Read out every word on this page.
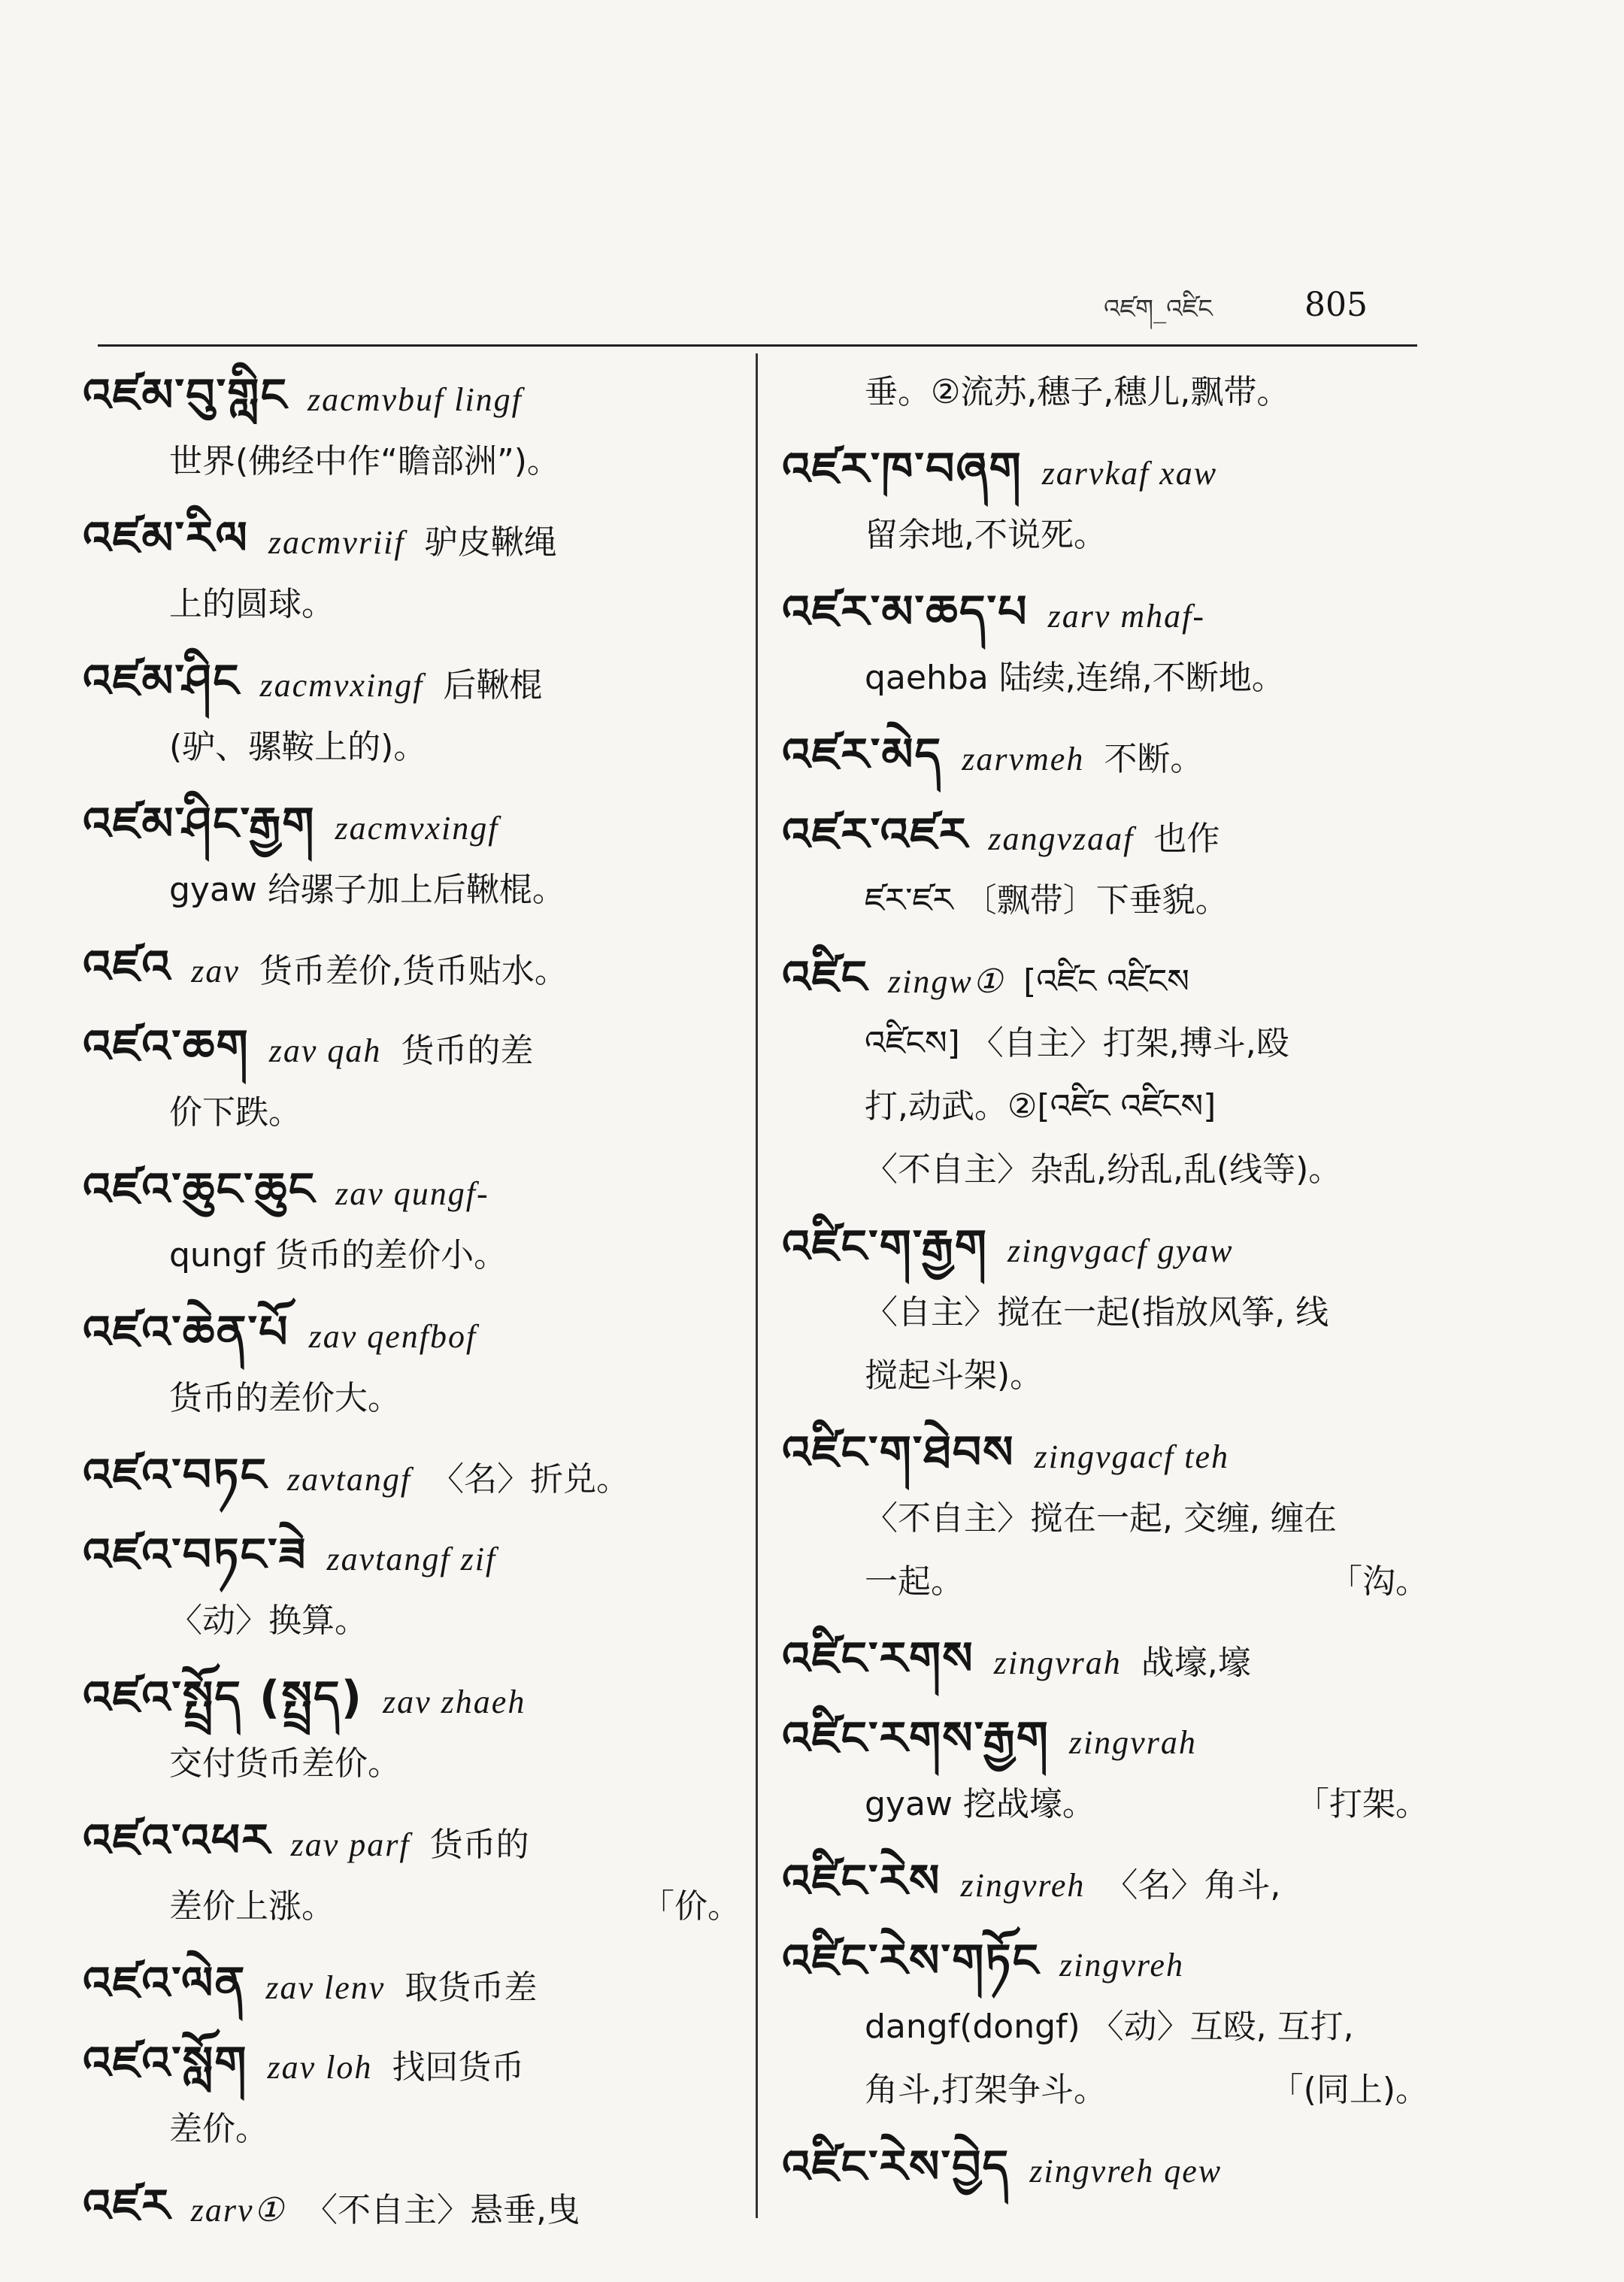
འཛག_འཛིང	805
འཛམ་བུ་གླིང zacmvbuf lingf
世界(佛经中作“瞻部洲”)。
འཛམ་རིལ zacmvriif 驴皮鞦绳
上的圆球。
འཛམ་ཤིང zacmvxingf 后鞦棍
(驴、骡鞍上的)。
འཛམ་ཤིང་རྒྱག zacmvxingf
gyaw 给骡子加上后鞦棍。
འཛའ zav 货币差价,货币贴水。
འཛའ་ཆག zav qah 货币的差
价下跌。
འཛའ་ཆུང་ཆུང zav qungf-
qungf 货币的差价小。
འཛའ་ཆེན་པོ zav qenfbof
货币的差价大。
འཛའ་བཏང zavtangf 〈名〉折兑。
འཛའ་བཏང་ཟེ zavtangf zif
〈动〉换算。
འཛའ་སྤྲོད (སྤྲད) zav zhaeh
交付货币差价。
འཛའ་འཕར zav parf 货币的
差价上涨。	「价。
འཛའ་ལེན zav lenv 取货币差
འཛའ་སློག zav loh 找回货币
差价。
འཛར zarv① 〈不自主〉悬垂,曳
垂。②流苏,穗子,穗儿,飘带。
འཛར་ཁ་བཞག zarvkaf xaw
留余地,不说死。
འཛར་མ་ཆད་པ zarv mhaf-
qaehba 陆续,连绵,不断地。
འཛར་མེད zarvmeh 不断。
འཛར་འཛར zangvzaaf 也作
ཛར་ཛར 〔飘带〕下垂貌。
འཛིང zingw① [འཛིང འཛིངས
འཛིངས] 〈自主〉打架,搏斗,殴
打,动武。②[འཛིང འཛིངས]
〈不自主〉杂乱,纷乱,乱(线等)。
འཛིང་ག་རྒྱག zingvgacf gyaw
〈自主〉搅在一起(指放风筝, 线
搅起斗架)。
འཛིང་ག་ཐེབས zingvgacf teh
〈不自主〉搅在一起, 交缠, 缠在
一起。	「沟。
འཛིང་རགས zingvrah 战壕,壕
འཛིང་རགས་རྒྱག zingvrah
gyaw 挖战壕。	「打架。
འཛིང་རེས zingvreh 〈名〉角斗,
འཛིང་རེས་གཏོང zingvreh
dangf(dongf) 〈动〉互殴, 互打,
角斗,打架争斗。	「(同上)。
འཛིང་རེས་བྱེད zingvreh qew
